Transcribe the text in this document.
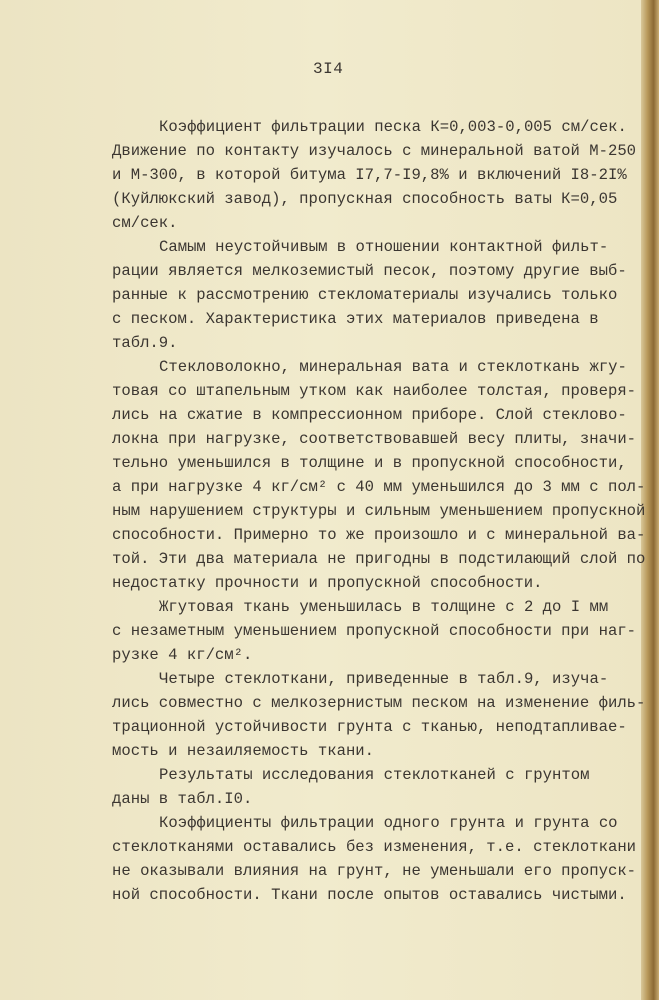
3I4
Коэффициент фильтрации песка К=0,003-0,005 см/сек.
Движение по контакту изучалось с минеральной ватой М-250
и М-300, в которой битума I7,7-I9,8% и включений I8-2I%
(Куйлюкский завод), пропускная способность ваты К=0,05
см/сек.
Самым неустойчивым в отношении контактной фильт-
рации является мелкоземистый песок, поэтому другие выб-
ранные к рассмотрению стекломатериалы изучались только
с песком. Характеристика этих материалов приведена в
табл.9.
Стекловолокно, минеральная вата и стеклоткань жгу-
товая со штапельным утком как наиболее толстая, проверя-
лись на сжатие в компрессионном приборе. Слой стеклово-
локна при нагрузке, соответствовавшей весу плиты, значи-
тельно уменьшился в толщине и в пропускной способности,
а при нагрузке 4 кг/см² с 40 мм уменьшился до 3 мм с пол-
ным нарушением структуры и сильным уменьшением пропускной
способности. Примерно то же произошло и с минеральной ва-
той. Эти два материала не пригодны в подстилающий слой по
недостатку прочности и пропускной способности.
Жгутовая ткань уменьшилась в толщине с 2 до I мм
с незаметным уменьшением пропускной способности при наг-
рузке 4 кг/см².
Четыре стеклоткани, приведенные в табл.9, изуча-
лись совместно с мелкозернистым песком на изменение филь-
трационной устойчивости грунта с тканью, неподтапливае-
мость и незаиляемость ткани.
Результаты исследования стеклотканей с грунтом
даны в табл.I0.
Коэффициенты фильтрации одного грунта и грунта со
стеклотканями оставались без изменения, т.е. стеклоткани
не оказывали влияния на грунт, не уменьшали его пропуск-
ной способности. Ткани после опытов оставались чистыми.
